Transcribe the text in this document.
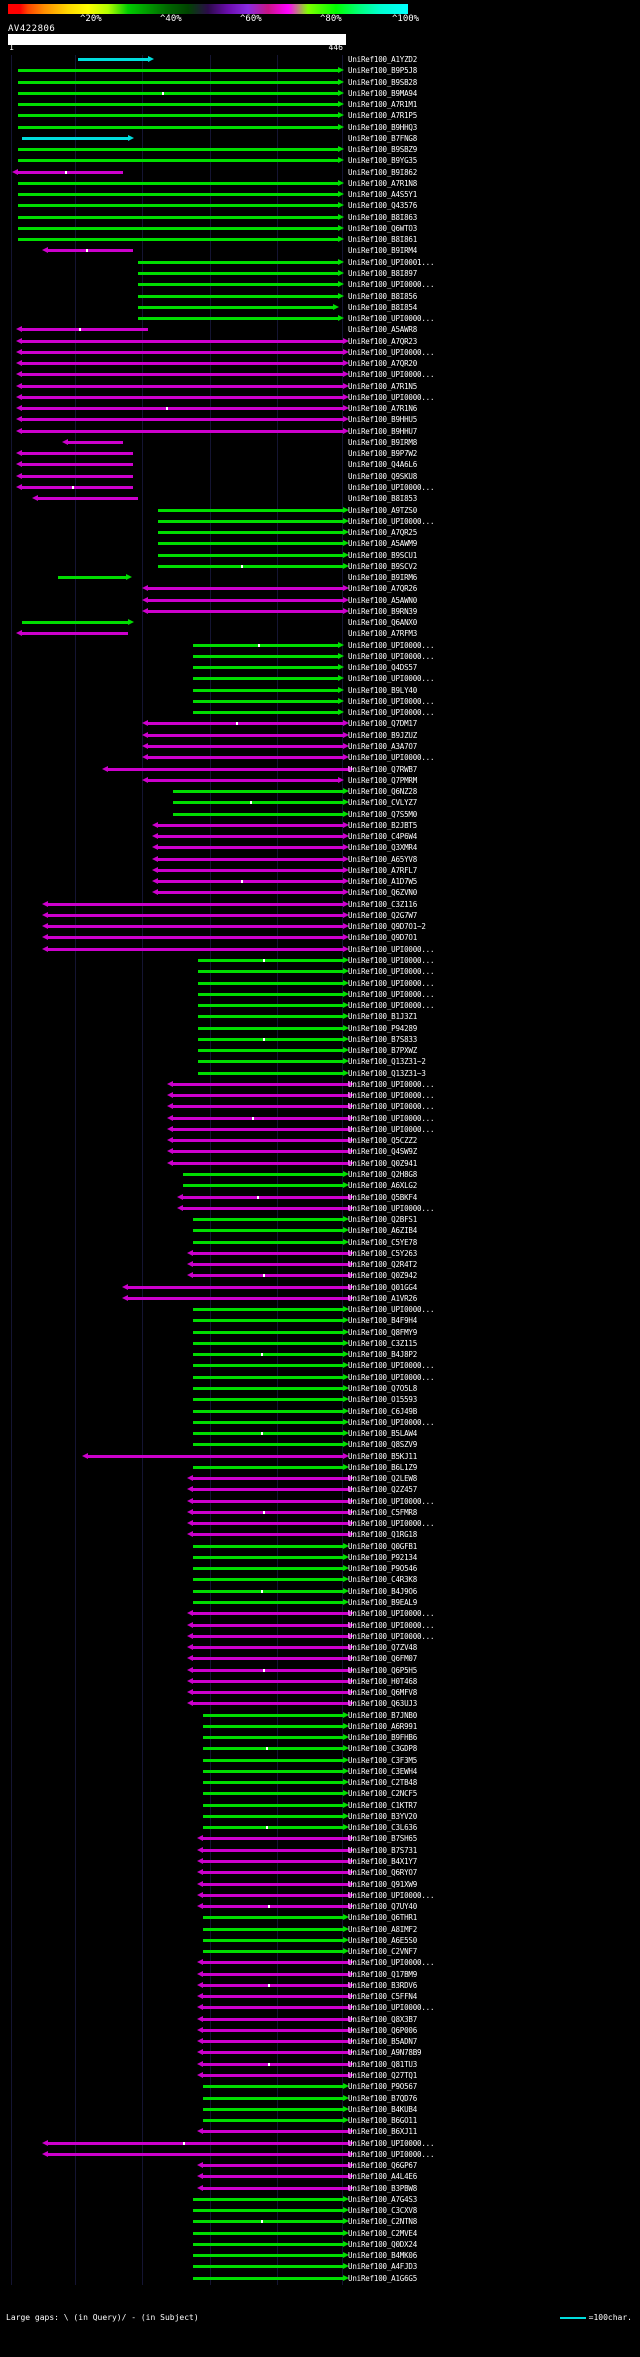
^20%	^40%	^60%	^80%	^100%
AV422806
1	446
UniRef100_A1YZD2
UniRef100_B9P5J8
UniRef100_B9SB28
UniRef100_B9MA94
UniRef100_A7R1M1
UniRef100_A7R1P5
UniRef100_B9HHQ3
UniRef100_B7FNG8
UniRef100_B9SBZ9
UniRef100_B9YG35
UniRef100_B9I862
UniRef100_A7R1N8
UniRef100_A4S5Y1
UniRef100_Q43576
UniRef100_B8I863
UniRef100_Q6WTO3
UniRef100_B8I861
UniRef100_B9IRM4
UniRef100_UPI0001...
UniRef100_B8I897
UniRef100_UPI0000...
UniRef100_B8I856
UniRef100_B8I854
UniRef100_UPI0000...
UniRef100_A5AWR8
UniRef100_A7QR23
UniRef100_UPI0000...
UniRef100_A7QR20
UniRef100_UPI0000...
UniRef100_A7R1N5
UniRef100_UPI0000...
UniRef100_A7R1N6
UniRef100_B9HHU5
UniRef100_B9HHU7
UniRef100_B9IRM8
UniRef100_B9P7W2
UniRef100_Q4A6L6
UniRef100_Q9SKU8
UniRef100_UPI0000...
UniRef100_B8I853
UniRef100_A9TZS0
UniRef100_UPI0000...
UniRef100_A7QR25
UniRef100_A5AWM9
UniRef100_B9SCU1
UniRef100_B9SCV2
UniRef100_B9IRM6
UniRef100_A7QR26
UniRef100_A5AWN0
UniRef100_B9RN39
UniRef100_Q6ANX0
UniRef100_A7RFM3
UniRef100_UPI0000...
UniRef100_UPI0000...
UniRef100_Q4DS57
UniRef100_UPI0000...
UniRef100_B9LY40
UniRef100_UPI0000...
UniRef100_UPI0000...
UniRef100_Q7DM17
UniRef100_B9JZUZ
UniRef100_A3A7O7
UniRef100_UPI0000...
UniRef100_Q7RWB7
UniRef100_Q7PMRM
UniRef100_Q6NZ28
UniRef100_CVLYZ7
UniRef100_Q7S5M0
UniRef100_B2JBT5
UniRef100_C4P6W4
UniRef100_Q3XMR4
UniRef100_A65YV8
UniRef100_A7RFL7
UniRef100_A1D7W5
UniRef100_Q6ZVN0
UniRef100_C3Z116
UniRef100_Q2G7W7
UniRef100_Q9D7O1~2
UniRef100_Q9D7O1
UniRef100_UPI0000...
UniRef100_UPI0000...
UniRef100_UPI0000...
UniRef100_UPI0000...
UniRef100_UPI0000...
UniRef100_UPI0000...
UniRef100_B1J3Z1
UniRef100_P94289
UniRef100_B7S833
UniRef100_B7PXWZ
UniRef100_Q13Z31~2
UniRef100_Q13Z31~3
UniRef100_UPI0000...
UniRef100_UPI0000...
UniRef100_UPI0000...
UniRef100_UPI0000...
UniRef100_UPI0000...
UniRef100_Q5CZZ2
UniRef100_Q4SW9Z
UniRef100_Q0Z941
UniRef100_Q2H8G8
UniRef100_A6XLG2
UniRef100_Q5BKF4
UniRef100_UPI0000...
UniRef100_Q2BFS1
UniRef100_A6ZIB4
UniRef100_C5YE78
UniRef100_C5Y263
UniRef100_Q2R4T2
UniRef100_Q0Z942
UniRef100_Q01GG4
UniRef100_A1VR26
UniRef100_UPI0000...
UniRef100_B4F9H4
UniRef100_Q8FMY9
UniRef100_C3Z115
UniRef100_B4J8P2
UniRef100_UPI0000...
UniRef100_UPI0000...
UniRef100_Q7O5L8
UniRef100_O15593
UniRef100_C6J49B
UniRef100_UPI0000...
UniRef100_B5LAW4
UniRef100_Q8SZV9
UniRef100_B5KJ11
UniRef100_B6L1Z9
UniRef100_Q2LEW8
UniRef100_Q2Z457
UniRef100_UPI0000...
UniRef100_C5FMR8
UniRef100_UPI0000...
UniRef100_Q1RG18
UniRef100_Q0GFB1
UniRef100_P92134
UniRef100_P9O546
UniRef100_C4R3K8
UniRef100_B4J9O6
UniRef100_B9EAL9
UniRef100_UPI0000...
UniRef100_UPI0000...
UniRef100_UPI0000...
UniRef100_Q7ZV48
UniRef100_Q6FM07
UniRef100_Q6P5H5
UniRef100_H0T468
UniRef100_Q6MFV8
UniRef100_Q63UJ3
UniRef100_B7JNB0
UniRef100_A6R991
UniRef100_B9FHB6
UniRef100_C3GDP8
UniRef100_C3F3M5
UniRef100_C3EWH4
UniRef100_C2TB48
UniRef100_C2NCF5
UniRef100_C1KTR7
UniRef100_B3YV20
UniRef100_C3L636
UniRef100_B7SH65
UniRef100_B7S731
UniRef100_B4X1Y7
UniRef100_Q6RYO7
UniRef100_Q91XW9
UniRef100_UPI0000...
UniRef100_Q7UY40
UniRef100_Q6THR1
UniRef100_A8IMF2
UniRef100_A6E5S0
UniRef100_C2VNF7
UniRef100_UPI0000...
UniRef100_Q17BM9
UniRef100_B3RDV6
UniRef100_C5FFN4
UniRef100_UPI0000...
UniRef100_Q8X3B7
UniRef100_Q6P006
UniRef100_B5ADN7
UniRef100_A9N78B9
UniRef100_Q81TU3
UniRef100_Q27TQ1
UniRef100_P9O567
UniRef100_B7QD76
UniRef100_B4KUB4
UniRef100_B6GO11
UniRef100_B6XJ11
UniRef100_UPI0000...
UniRef100_UPI0000...
UniRef100_Q6GP67
UniRef100_A4L4E6
UniRef100_B3PBW8
UniRef100_A7G4S3
UniRef100_C3CXV8
UniRef100_C2NTN8
UniRef100_C2MVE4
UniRef100_Q0DX24
UniRef100_B4MK06
UniRef100_A4FJD3
UniRef100_A1G6G5
Large gaps: \ (in Query)/ - (in Subject)	=100char.
